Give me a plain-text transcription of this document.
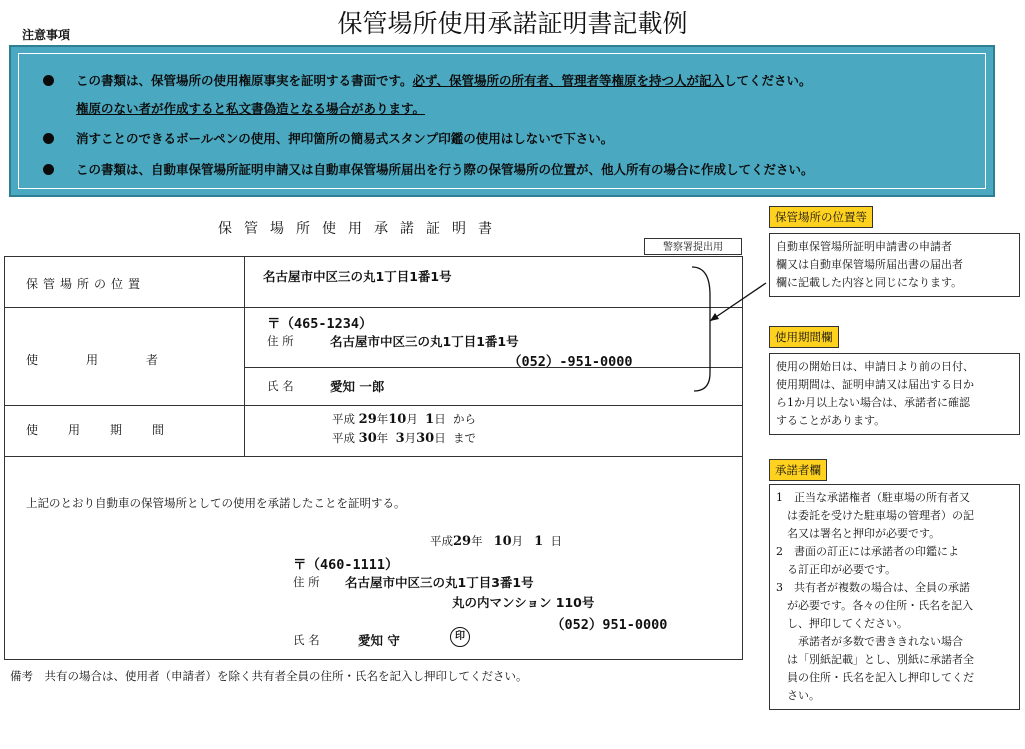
保管場所使用承諾証明書記載例
注意事項
この書類は、保管場所の使用権原事実を証明する書面です。必ず、保管場所の所有者、管理者等権原を持つ人が記入してください。
権原のない者が作成すると私文書偽造となる場合があります。
消すことのできるボールペンの使用、押印箇所の簡易式スタンプ印鑑の使用はしないで下さい。
この書類は、自動車保管場所証明申請又は自動車保管場所届出を行う際の保管場所の位置が、他人所有の場合に作成してください。
保管場所使用承諾証明書
警察署提出用
保管場所の位置	名古屋市中区三の丸1丁目1番1号
使用者
〒（465-1234）
住 所	名古屋市中区三の丸1丁目1番1号
（052）-951-0000
氏 名	愛知 一郎
使用期間
平成 29年10月 1日 から
平成 30年 3月30日 まで
上記のとおり自動車の保管場所としての使用を承諾したことを証明する。
平成29年 10月 1 日
〒（460-1111）
住 所 名古屋市中区三の丸1丁目3番1号
丸の内マンション 110号
（052）951-0000
氏 名	愛知 守	印
備考　共有の場合は、使用者（申請者）を除く共有者全員の住所・氏名を記入し押印してください。
保管場所の位置等

自動車保管場所証明申請書の申請者

欄又は自動車保管場所届出書の届出者

欄に記載した内容と同じになります。

使用期間欄

使用の開始日は、申請日より前の日付、

使用期間は、証明申請又は届出する日か

ら1か月以上ない場合は、承諾者に確認

することがあります。

承諾者欄

1　正当な承諾権者（駐車場の所有者又

　は委託を受けた駐車場の管理者）の記

　名又は署名と押印が必要です。

2　書面の訂正には承諾者の印鑑によ

　る訂正印が必要です。

3　共有者が複数の場合は、全員の承諾

　が必要です。各々の住所・氏名を記入

　し、押印してください。

　　承諾者が多数で書ききれない場合

　は「別紙記載」とし、別紙に承諾者全

　員の住所・氏名を記入し押印してくだ

　さい。
